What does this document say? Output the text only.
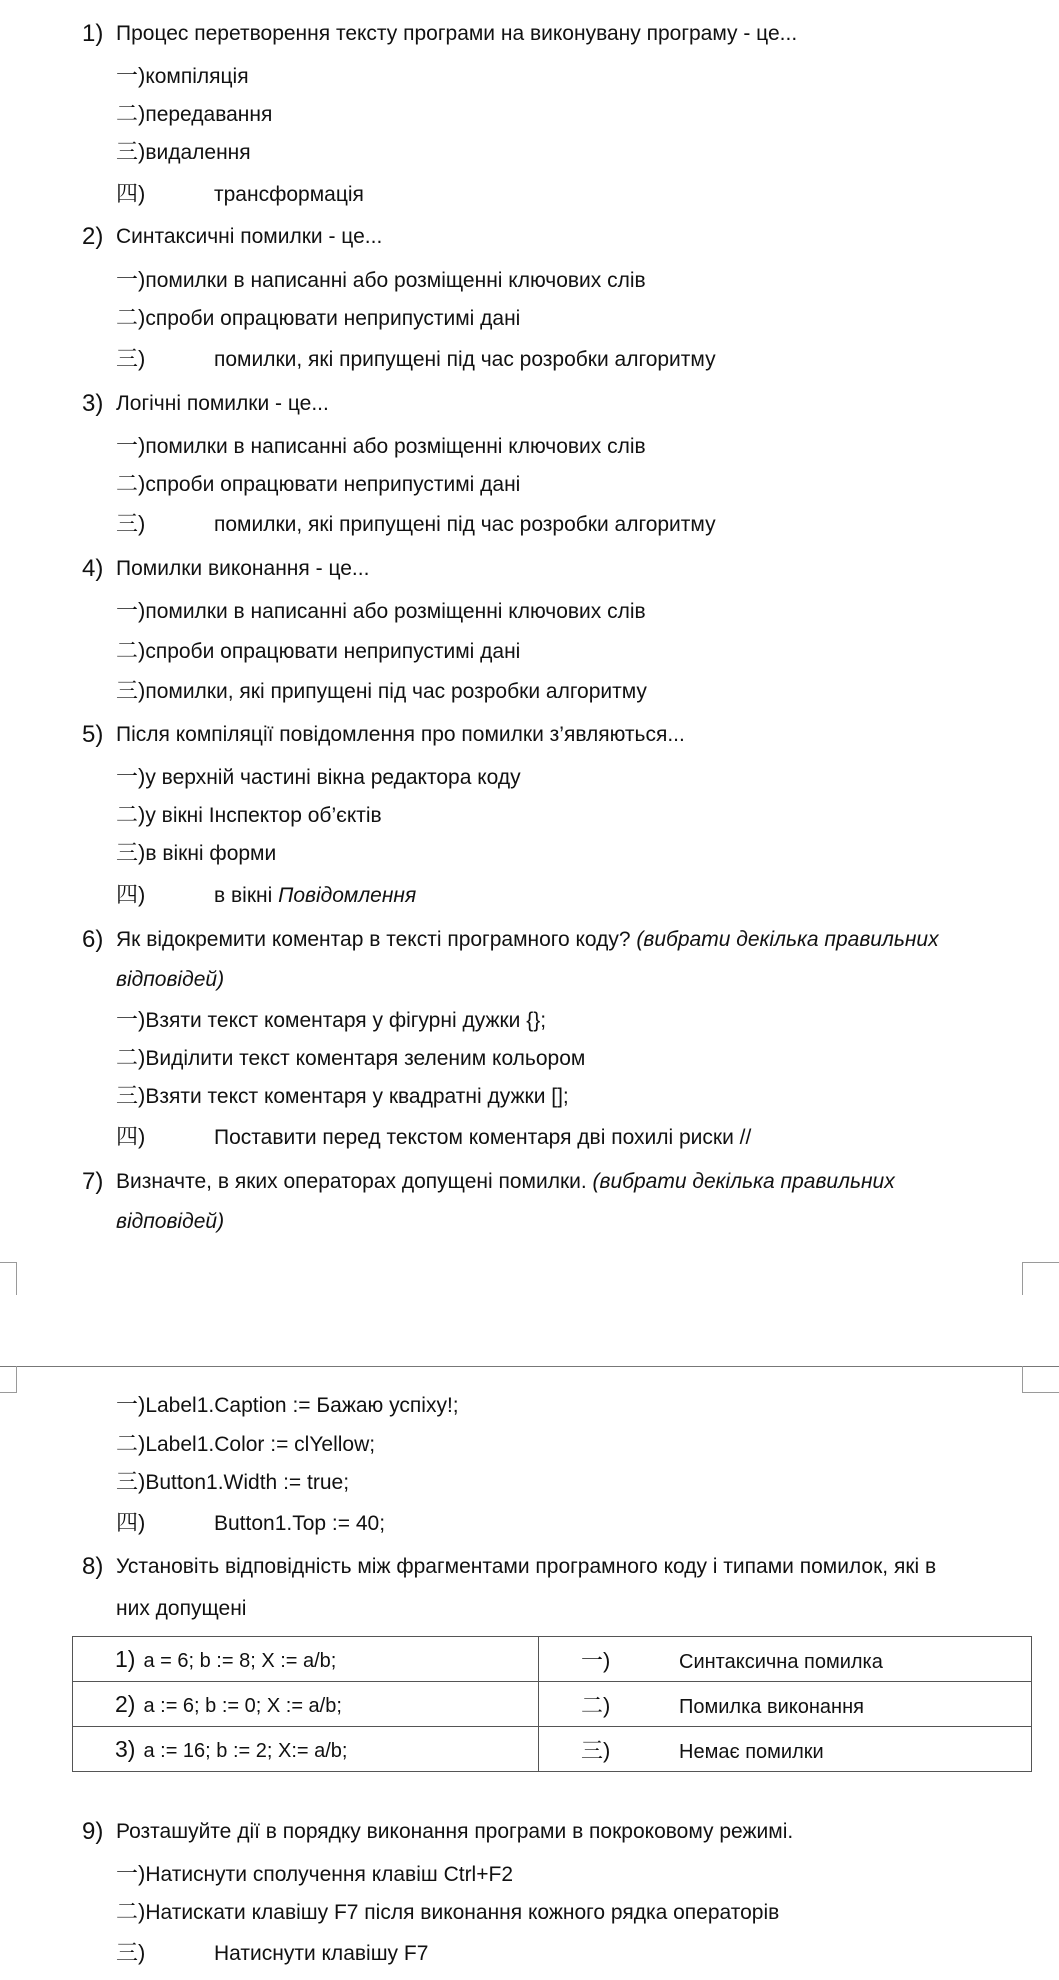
1) Процес перетворення тексту програми на виконувану програму - це...
一)компіляція
二)передавання
三)видалення
四)	трансформація
2) Синтаксичні помилки - це...
一)помилки в написанні або розміщенні ключових слів
二)спроби опрацювати неприпустимі дані
三)	помилки, які припущені під час розробки алгоритму
3) Логічні помилки - це...
一)помилки в написанні або розміщенні ключових слів
二)спроби опрацювати неприпустимі дані
三)	помилки, які припущені під час розробки алгоритму
4) Помилки виконання - це...
一)помилки в написанні або розміщенні ключових слів
二)спроби опрацювати неприпустимі дані
三)помилки, які припущені під час розробки алгоритму
5) Після компіляції повідомлення про помилки з’являються...
一)у верхній частині вікна редактора коду
二)у вікні Інспектор об’єктів
三)в вікні форми
四)	в вікні Повідомлення
6) Як відокремити коментар в тексті програмного коду? (вибрати декілька правильних
відповідей)
一)Взяти текст коментаря у фігурні дужки {};
二)Виділити текст коментаря зеленим кольором
三)Взяти текст коментаря у квадратні дужки [];
四)	Поставити перед текстом коментаря дві похилі риски //
7) Визначте, в яких операторах допущені помилки. (вибрати декілька правильних
відповідей)
一)Label1.Caption := Бажаю успіху!;
二)Label1.Color := clYellow;
三)Button1.Width := true;
四)	Button1.Top := 40;
8) Установіть відповідність між фрагментами програмного коду і типами помилок, які в
них допущені
1) a = 6; b := 8; X := a/b;	一) Синтаксична помилка
2) a := 6; b := 0; X := a/b;	二) Помилка виконання
3) a := 16; b := 2; X:= a/b;	三) Немає помилки
9) Розташуйте дії в порядку виконання програми в покроковому режимі.
一)Натиснути сполучення клавіш Ctrl+F2
二)Натискати клавішу F7 після виконання кожного рядка операторів
三)	Натиснути клавішу F7
